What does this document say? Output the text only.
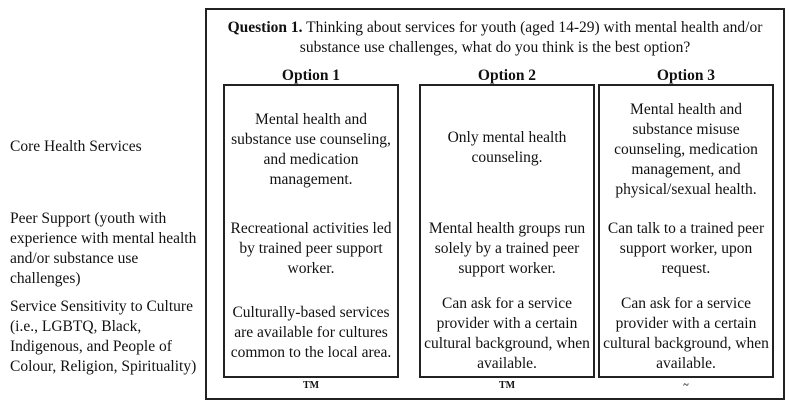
Question 1. Thinking about services for youth (aged 14-29) with mental health and/or substance use challenges, what do you think is the best option?
Core Health Services
Peer Support (youth with experience with mental health and/or substance use challenges)
Service Sensitivity to Culture (i.e., LGBTQ, Black, Indigenous, and People of Colour, Religion, Spirituality)
Option 1
Mental health and substance use counseling, and medication management.
Recreational activities led by trained peer support worker.
Culturally-based services are available for cultures common to the local area.
TM
Option 2
Only mental health counseling.
Mental health groups run solely by a trained peer support worker.
Can ask for a service provider with a certain cultural background, when available.
TM
Option 3
Mental health and substance misuse counseling, medication management, and physical/sexual health.
Can talk to a trained peer support worker, upon request.
Can ask for a service provider with a certain cultural background, when available.
~
